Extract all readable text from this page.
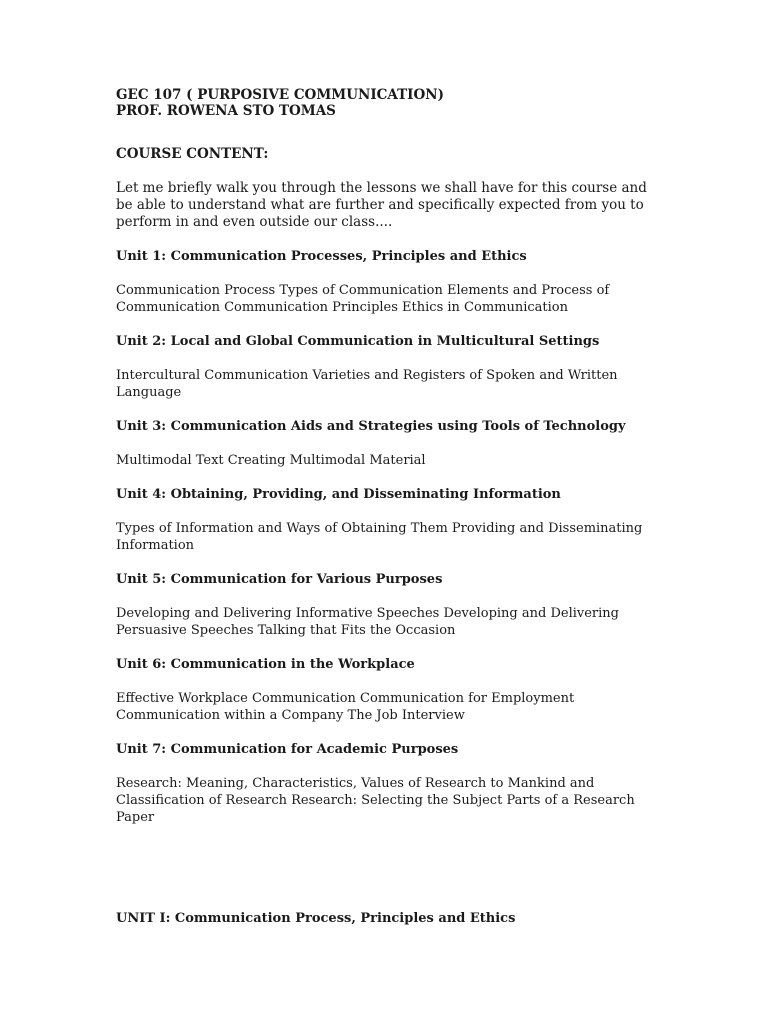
GEC 107 ( PURPOSIVE COMMUNICATION)

PROF. ROWENA STO TOMAS

COURSE CONTENT:

Let me briefly walk you through the lessons we shall have for this course and be able to understand what are further and specifically expected from you to perform in and even outside our class....

Unit 1: Communication Processes, Principles and Ethics

Communication Process Types of Communication Elements and Process of

Communication Communication Principles Ethics in Communication

Unit 2: Local and Global Communication in Multicultural Settings

Intercultural Communication Varieties and Registers of Spoken and Written

Language

Unit 3: Communication Aids and Strategies using Tools of Technology

Multimodal Text Creating Multimodal Material

Unit 4: Obtaining, Providing, and Disseminating Information

Types of Information and Ways of Obtaining Them Providing and Disseminating

Information

Unit 5: Communication for Various Purposes

Developing and Delivering Informative Speeches Developing and Delivering

Persuasive Speeches Talking that Fits the Occasion

Unit 6: Communication in the Workplace

Effective Workplace Communication Communication for Employment

Communication within a Company The Job Interview

Unit 7: Communication for Academic Purposes

Research: Meaning, Characteristics, Values of Research to Mankind and

Classification of Research Research: Selecting the Subject Parts of a Research Paper

UNIT I: Communication Process, Principles and Ethics
